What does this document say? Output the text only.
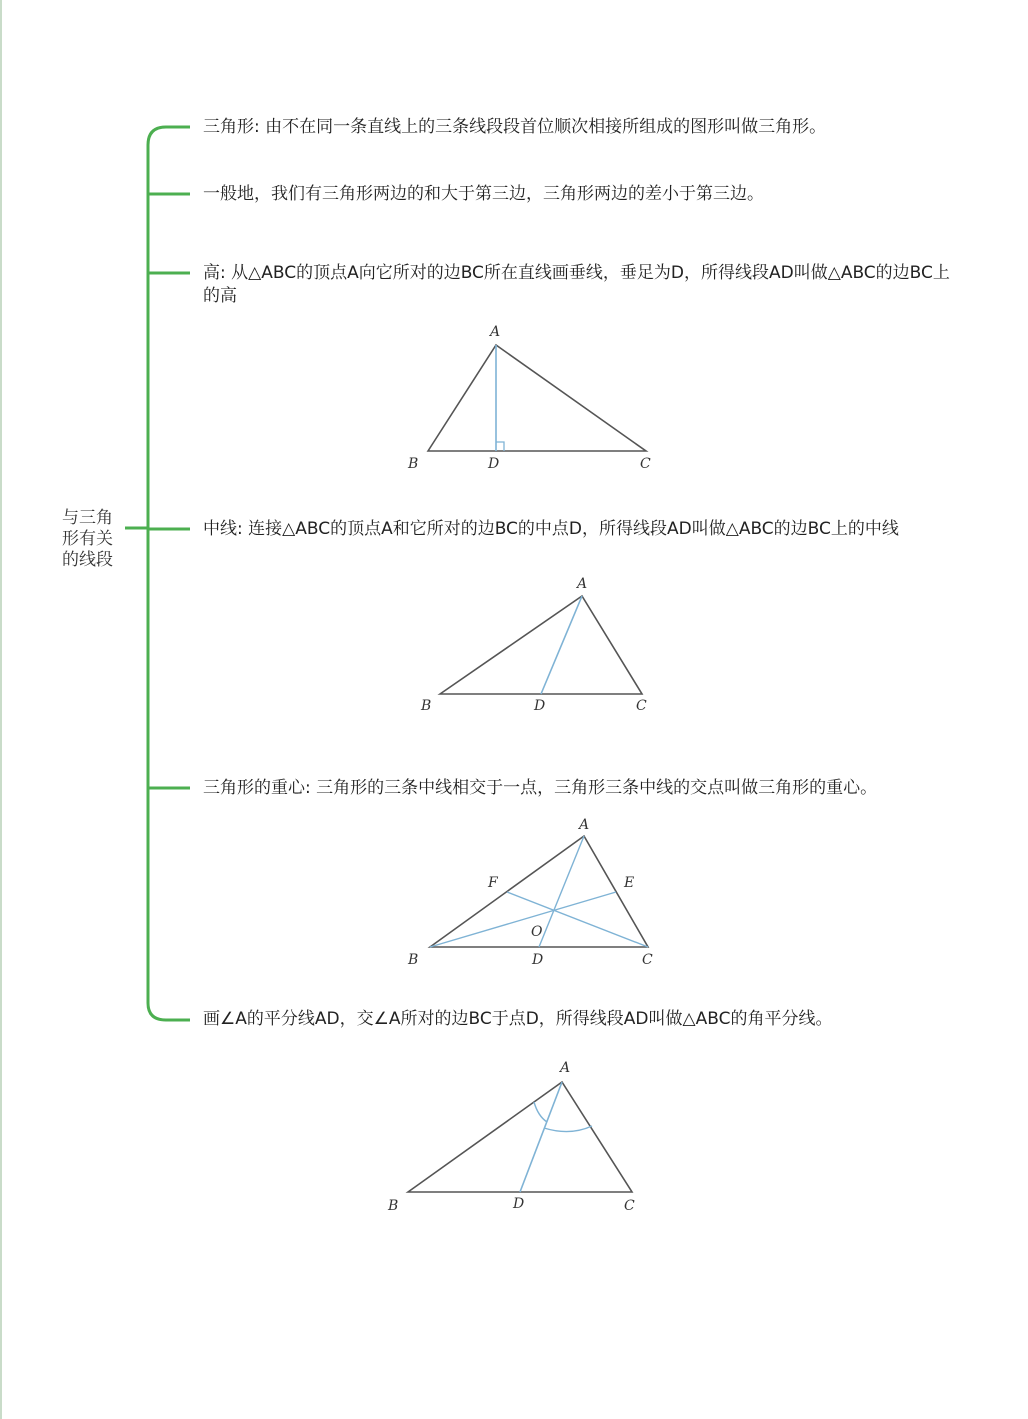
与三角
形有关
的线段
三角形: 由不在同一条直线上的三条线段段首位顺次相接所组成的图形叫做三角形。
一般地，我们有三角形两边的和大于第三边，三角形两边的差小于第三边。
高: 从△ABC的顶点A向它所对的边BC所在直线画垂线，垂足为D，所得线段AD叫做△ABC的边BC上的高
中线: 连接△ABC的顶点A和它所对的边BC的中点D，所得线段AD叫做△ABC的边BC上的中线
三角形的重心: 三角形的三条中线相交于一点，三角形三条中线的交点叫做三角形的重心。
画∠A的平分线AD，交∠A所对的边BC于点D，所得线段AD叫做△ABC的角平分线。
A
B	D	C
A
B	D	C
A
F	E
O
B	D	C
A
B	D	C
